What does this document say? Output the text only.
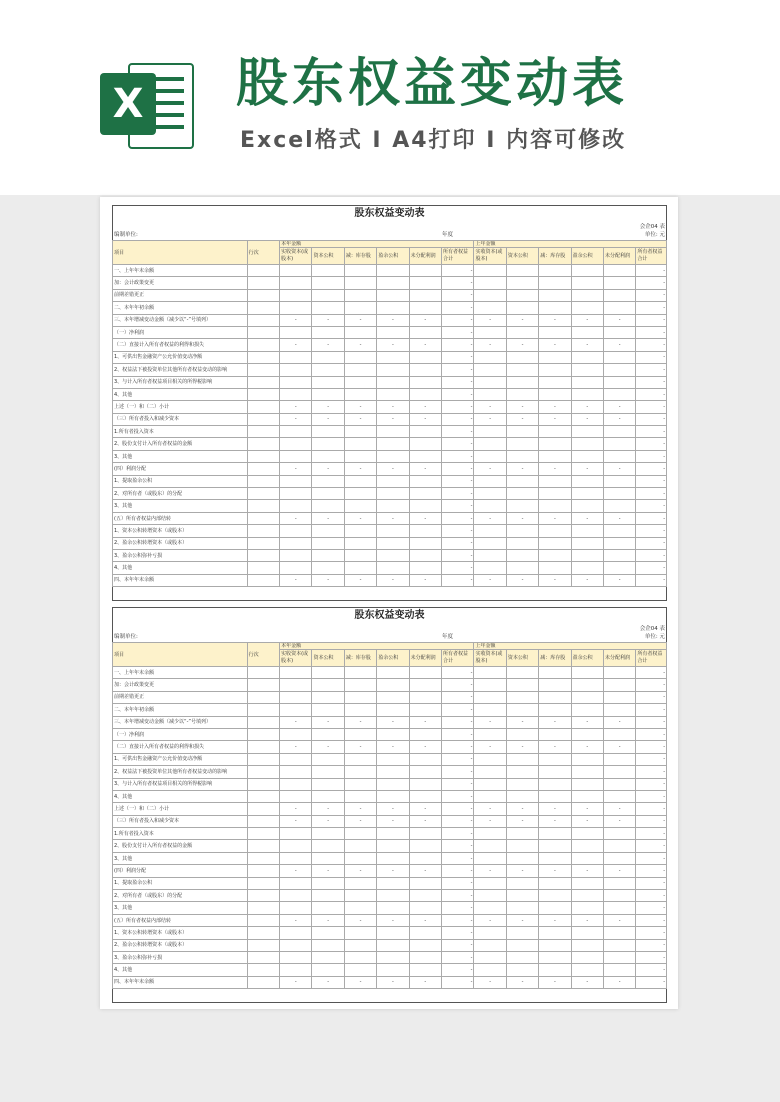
X 股东权益变动表
Excel格式 I A4打印 I 内容可修改
股东权益变动表
会企04 表
编制单位:	年度	单位: 元
项目	行次	本年金额						上年金额					
		实收资本(或股本)	资本公积	减：库存股	盈余公积	未分配利润	所有者权益合计	实收资本(或股本)	资本公积	减：库存股	盈余公积	未分配利润	所有者权益合计
一、上年年末余额							-						-
加：会计政策变更							-						-
前期差错更正							-						-
二、本年年初余额							-						-
三、本年增减变动金额（减少以“-”号填列）		-	-	-	-	-	-	-	-	-	-	-	-
（一）净利润							-						-
（二）直接计入所有者权益的利得和损失		-	-	-	-	-	-	-	-	-	-	-	-
1、可供出售金融资产公允价值变动净额							-						-
2、权益法下被投资单位其他所有者权益变动的影响							-						-
3、与计入所有者权益项目相关的所得税影响							-						-
4、其他							-						-
上述（一）和（二）小计		-	-	-	-	-	-	-	-	-	-	-	-
（三）所有者投入和减少资本		-	-	-	-	-	-	-	-	-	-	-	-
1.所有者投入资本							-						-
2、股份支付计入所有者权益的金额							-						-
3、其他							-						-
(四）利润分配		-	-	-	-	-	-	-	-	-	-	-	-
1、提取盈余公积							-						-
2、对所有者（或股东）的分配							-						-
3、其他							-						-
(五）所有者权益内部结转		-	-	-	-	-	-	-	-	-	-	-	-
1、资本公积转增资本（或股本）							-						-
2、盈余公积转增资本（或股本）							-						-
3、盈余公积弥补亏损							-						-
4、其他							-						-
四、本年年末余额		-	-	-	-	-	-	-	-	-	-	-	-
股东权益变动表
会企04 表
编制单位:	年度	单位: 元
项目	行次	本年金额						上年金额					
		实收资本(或股本)	资本公积	减：库存股	盈余公积	未分配利润	所有者权益合计	实收资本(或股本)	资本公积	减：库存股	盈余公积	未分配利润	所有者权益合计
一、上年年末余额							-						-
加：会计政策变更							-						-
前期差错更正							-						-
二、本年年初余额							-						-
三、本年增减变动金额（减少以“-”号填列）		-	-	-	-	-	-	-	-	-	-	-	-
（一）净利润							-						-
（二）直接计入所有者权益的利得和损失		-	-	-	-	-	-	-	-	-	-	-	-
1、可供出售金融资产公允价值变动净额							-						-
2、权益法下被投资单位其他所有者权益变动的影响							-						-
3、与计入所有者权益项目相关的所得税影响							-						-
4、其他							-						-
上述（一）和（二）小计		-	-	-	-	-	-	-	-	-	-	-	-
（三）所有者投入和减少资本		-	-	-	-	-	-	-	-	-	-	-	-
1.所有者投入资本							-						-
2、股份支付计入所有者权益的金额							-						-
3、其他							-						-
(四）利润分配		-	-	-	-	-	-	-	-	-	-	-	-
1、提取盈余公积							-						-
2、对所有者（或股东）的分配							-						-
3、其他							-						-
(五）所有者权益内部结转		-	-	-	-	-	-	-	-	-	-	-	-
1、资本公积转增资本（或股本）							-						-
2、盈余公积转增资本（或股本）							-						-
3、盈余公积弥补亏损							-						-
4、其他							-						-
四、本年年末余额		-	-	-	-	-	-	-	-	-	-	-	-
